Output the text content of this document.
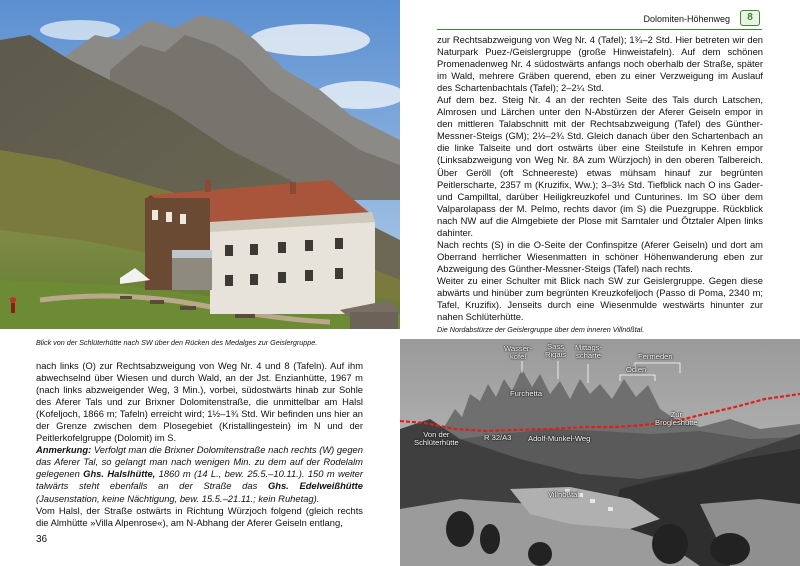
Blick von der Schlüterhütte nach SW über den Rücken des Medalges zur Geislergruppe.

nach links (O) zur Rechtsabzweigung von Weg Nr. 4 und 8 (Tafeln). Auf ihm abwechselnd über Wiesen und durch Wald, an der Jst. Enzianhütte, 1967 m (nach links abzweigender Weg, 3 Min.), vorbei, südostwärts hinab zur Sohle des Aferer Tals und zur Brixner Dolomitenstraße, die unmittelbar am Halsl (Kofeljoch, 1866 m; Tafeln) erreicht wird; 1½–1¾ Std. Wir befinden uns hier an der Grenze zwischen dem Plosegebiet (Kristallingestein) im N und der Peitlerkofelgruppe (Dolomit) im S.

Anmerkung: Verfolgt man die Brixner Dolomitenstraße nach rechts (W) gegen das Aferer Tal, so gelangt man nach wenigen Min. zu dem auf der Rodelalm gelegenen Ghs. Halslhütte, 1860 m (14 L., bew. 25.5.–10.11.). 150 m weiter talwärts steht ebenfalls an der Straße das Ghs. Edelweißhütte (Jausenstation, keine Nächtigung, bew. 15.5.–21.11.; kein Ruhetag).

Vom Halsl, der Straße ostwärts in Richtung Würzjoch folgend (gleich rechts die Almhütte »Villa Alpenrose«), am N-Abhang der Aferer Geiseln entlang,

36
Dolomiten-Höhenweg	8

zur Rechtsabzweigung von Weg Nr. 4 (Tafel); 1¾–2 Std. Hier betreten wir den Naturpark Puez-/Geislergruppe (große Hinweistafeln). Auf dem schönen Promenadenweg Nr. 4 südostwärts anfangs noch oberhalb der Straße, später im Wald, mehrere Gräben querend, eben zu einer Verzweigung im Auslauf des Schartenbachtals (Tafel); 2–2¼ Std.

Auf dem bez. Steig Nr. 4 an der rechten Seite des Tals durch Latschen, Almrosen und Lärchen unter den N-Abstürzen der Aferer Geiseln empor in den mittleren Talabschnitt mit der Rechtsabzweigung (Tafel) des Günther-Messner-Steigs (GM); 2½–2¾ Std. Gleich danach über den Schartenbach an die linke Talseite und dort ostwärts über eine Steilstufe in Kehren empor (Linksabzweigung von Weg Nr. 8A zum Würzjoch) in den oberen Talbereich. Über Geröll (oft Schneereste) etwas mühsam hinauf zur begrünten Peitlerscharte, 2357 m (Kruzifix, Ww.); 3–3½ Std. Tiefblick nach O ins Gader- und Campilltal, darüber Heiligkreuzkofel und Cunturines. Im SO über dem Valparolapass der M. Pelmo, rechts davor (im S) die Puezgruppe. Rückblick nach NW auf die Almgebiete der Plose mit Sarntaler und Ötztaler Alpen links dahinter.

Nach rechts (S) in die O-Seite der Confinspitze (Aferer Geiseln) und dort am Oberrand herrlicher Wiesenmatten in schöner Höhenwanderung eben zur Abzweigung des Günther-Messner-Steigs (Tafel) nach rechts.

Weiter zu einer Schulter mit Blick nach SW zur Geislergruppe. Gegen diese abwärts und hinüber zum begrünten Kreuzkofeljoch (Passo di Poma, 2340 m; Tafel, Kruzifix). Jenseits durch eine Wiesenmulde westwärts hinunter zur nahen Schlüterhütte.

Die Nordabstürze der Geislergruppe über dem inneren Villnößtal.
Wasser-
kofel
Sass
Rigais
Mittags-
scharte	Fermeden
Odlen
Furchetta
Von der
Schlüterhütte
R 32/A3 Adolf-Munkel-Weg
Zur
Brogleshütte
Villnößtal
